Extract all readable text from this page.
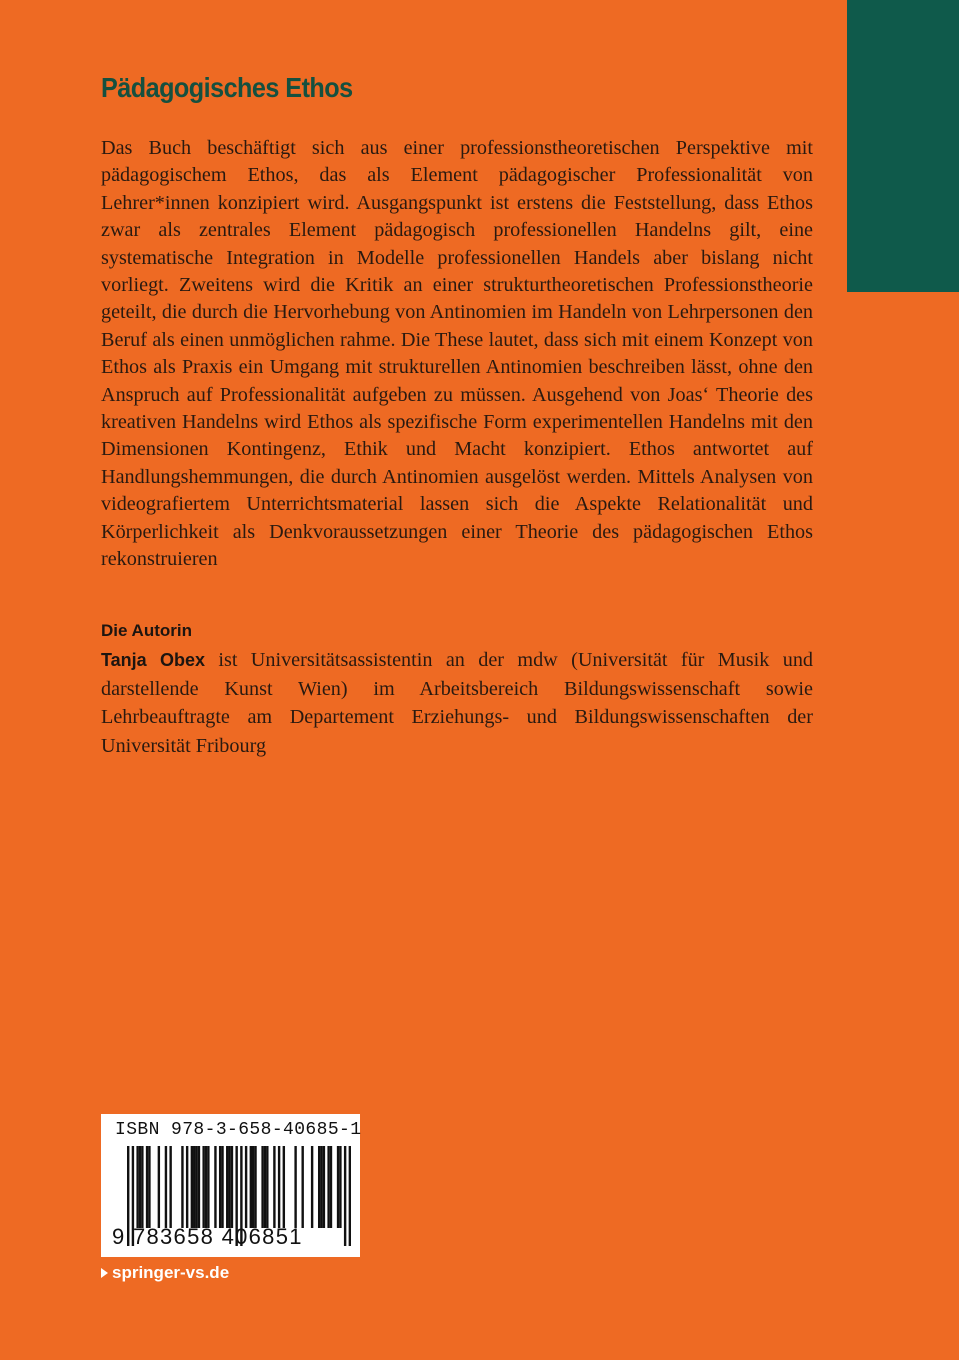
Pädagogisches Ethos

Das Buch beschäftigt sich aus einer professionstheoretischen Perspektive mit pädagogischem Ethos, das als Element pädagogischer Professionalität von Lehrer*innen konzipiert wird. Ausgangspunkt ist erstens die Feststellung, dass Ethos zwar als zentrales Element pädagogisch professionellen Handelns gilt, eine systematische Integration in Modelle professionellen Handels aber bislang nicht vorliegt. Zweitens wird die Kritik an einer strukturtheoretischen Professionstheorie geteilt, die durch die Hervorhebung von Antinomien im Handeln von Lehrpersonen den Beruf als einen unmöglichen rahme. Die These lautet, dass sich mit einem Konzept von Ethos als Praxis ein Umgang mit strukturellen Antinomien beschreiben lässt, ohne den Anspruch auf Professionalität aufgeben zu müssen. Ausgehend von Joas‘ Theorie des kreativen Handelns wird Ethos als spezifische Form experimentellen Handelns mit den Dimensionen Kontingenz, Ethik und Macht konzipiert. Ethos antwortet auf Handlungshemmungen, die durch Antinomien ausgelöst werden. Mittels Analysen von videografiertem Unterrichtsmaterial lassen sich die Aspekte Relationalität und Körperlichkeit als Denkvoraussetzungen einer Theorie des pädagogischen Ethos rekonstruieren

Die Autorin

Tanja Obex ist Universitätsassistentin an der mdw (Universität für Musik und darstellende Kunst Wien) im Arbeitsbereich Bildungswissenschaft sowie Lehrbeauftragte am Departement Erziehungs- und Bildungswissenschaften der Universität Fribourg

ISBN 978-3-658-40685-1
9 783658 406851
springer-vs.de
